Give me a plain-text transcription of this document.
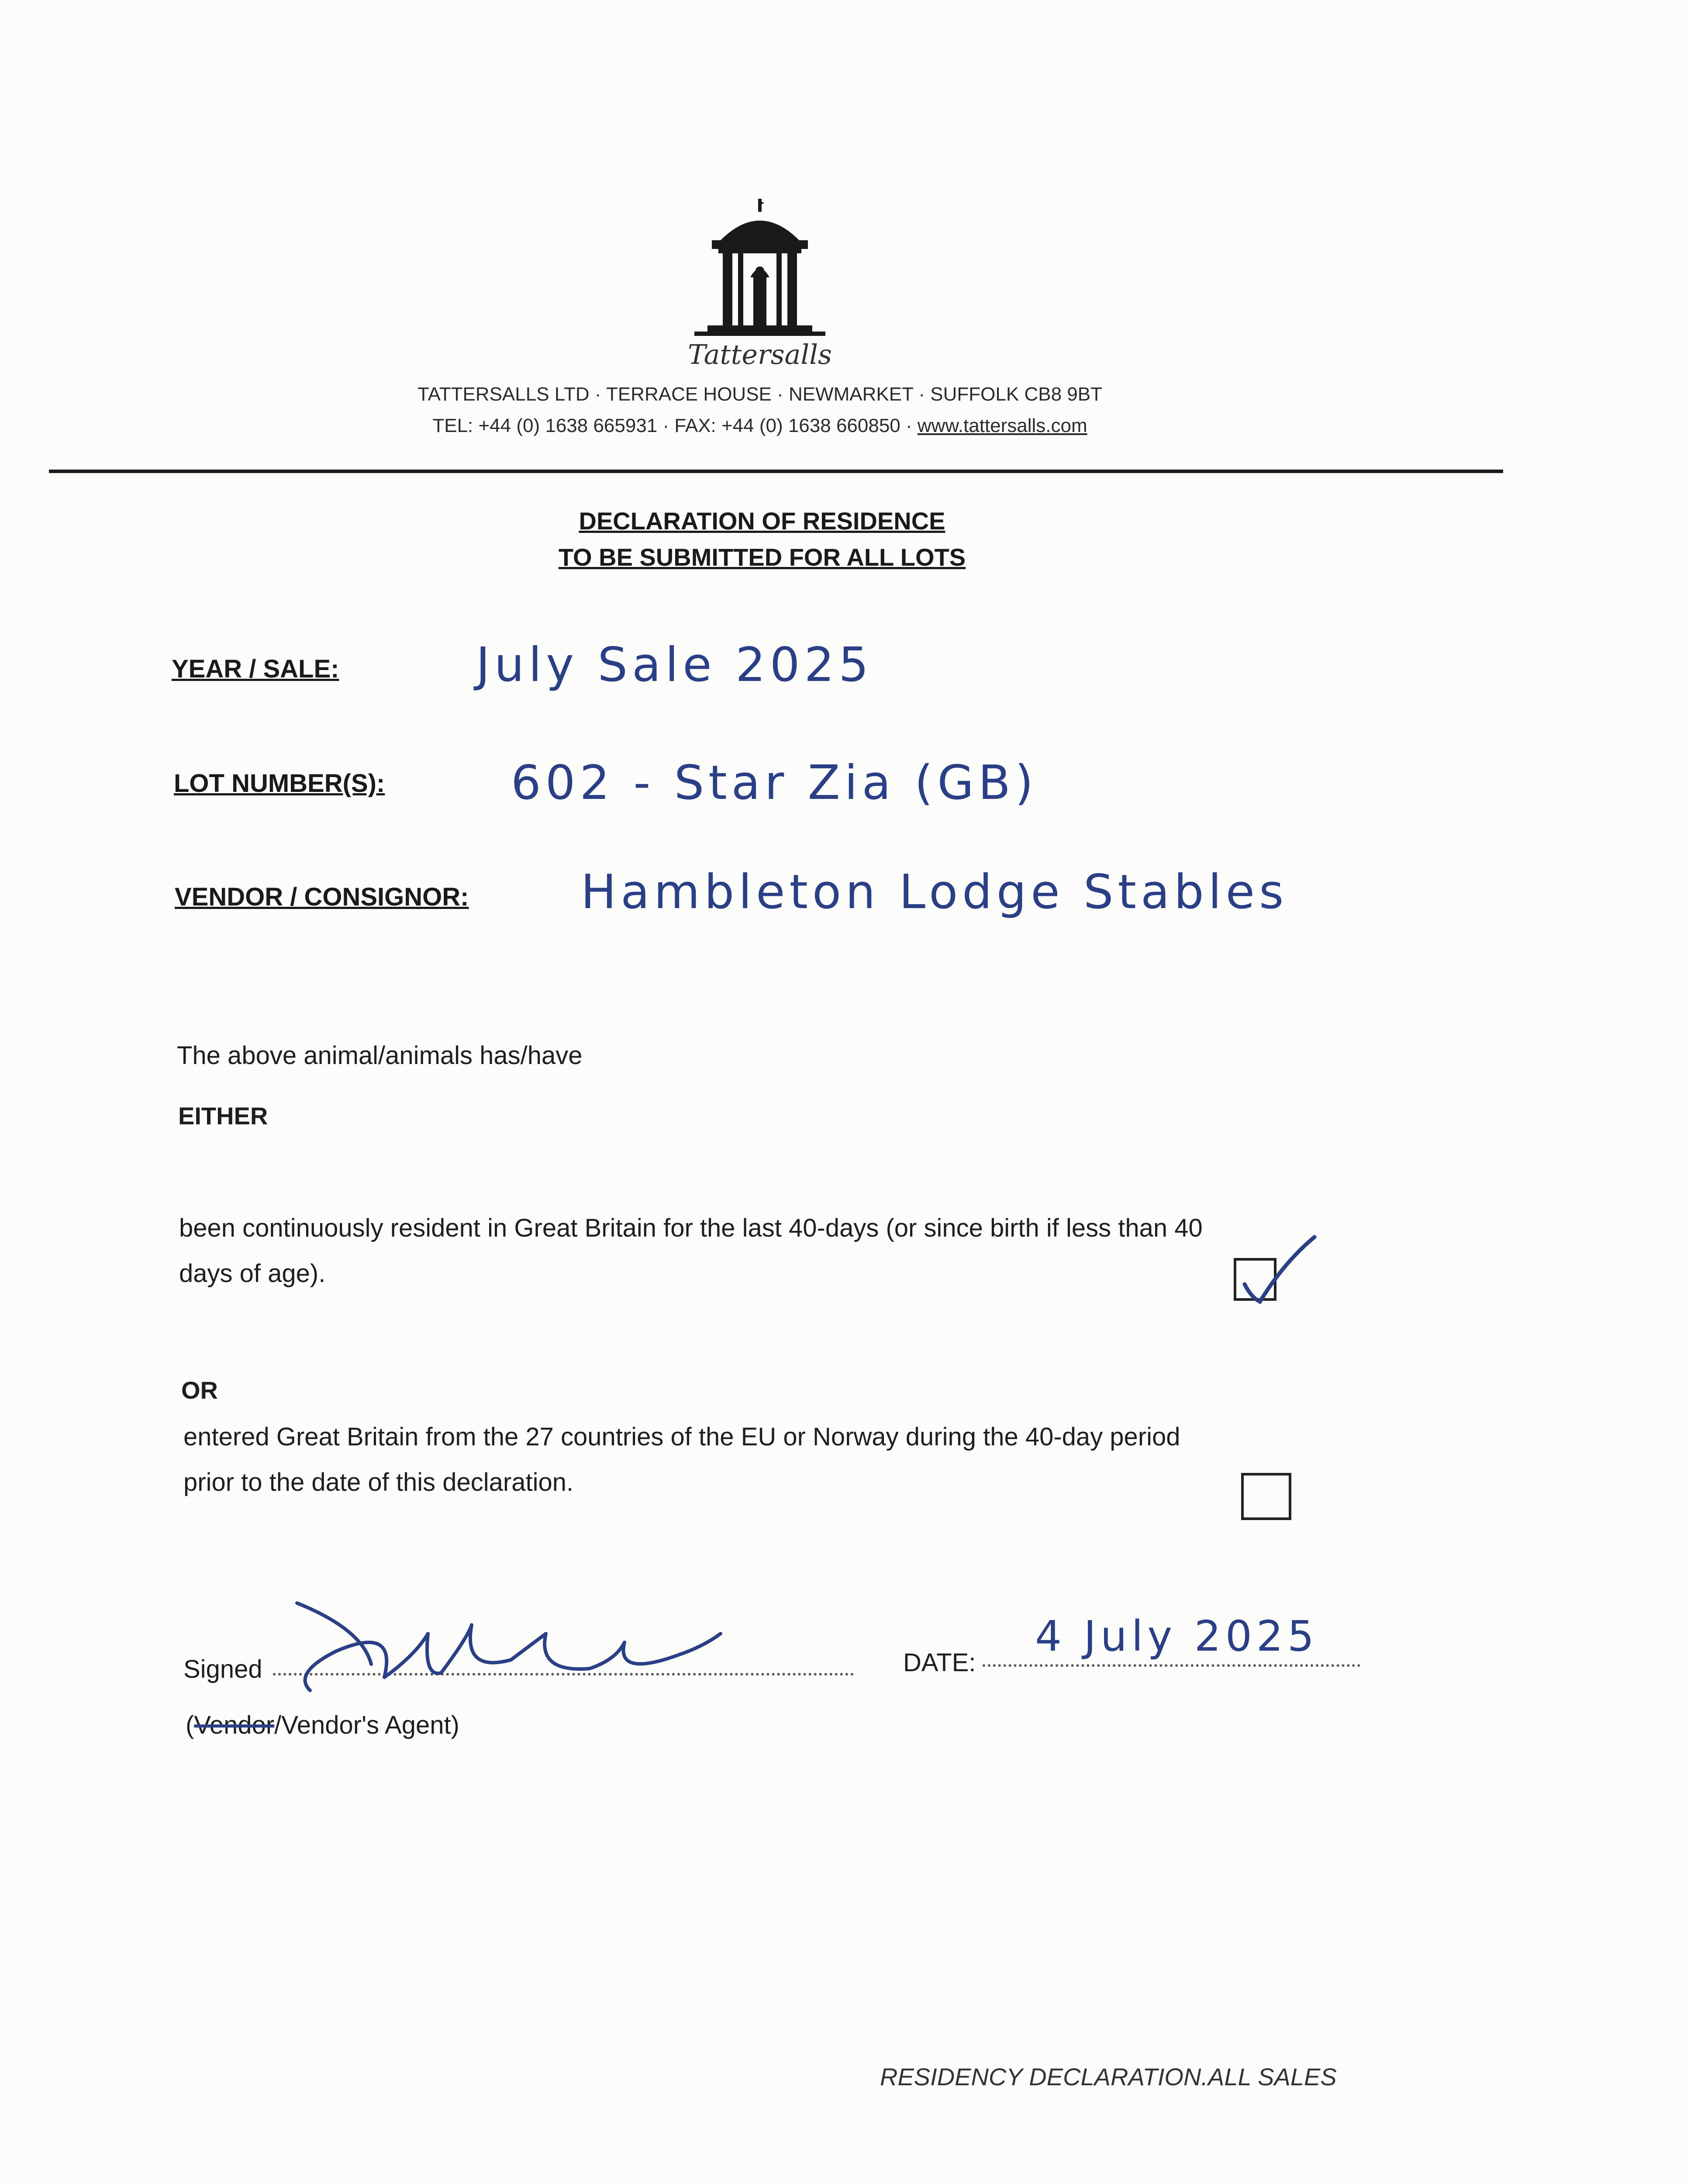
Tattersalls
TATTERSALLS LTD · TERRACE HOUSE · NEWMARKET · SUFFOLK CB8 9BT
TEL: +44 (0) 1638 665931 · FAX: +44 (0) 1638 660850 · www.tattersalls.com
DECLARATION OF RESIDENCE
TO BE SUBMITTED FOR ALL LOTS
YEAR / SALE:	July Sale 2025
LOT NUMBER(S):	602 - Star Zia (GB)
VENDOR / CONSIGNOR: Hambleton Lodge Stables
The above animal/animals has/have
EITHER
been continuously resident in Great Britain for the last 40-days (or since birth if less than 40
days of age).
OR
entered Great Britain from the 27 countries of the EU or Norway during the 40-day period
prior to the date of this declaration.
Signed	DATE:
4 July 2025
(Vendor/Vendor's Agent)
RESIDENCY DECLARATION.ALL SALES
